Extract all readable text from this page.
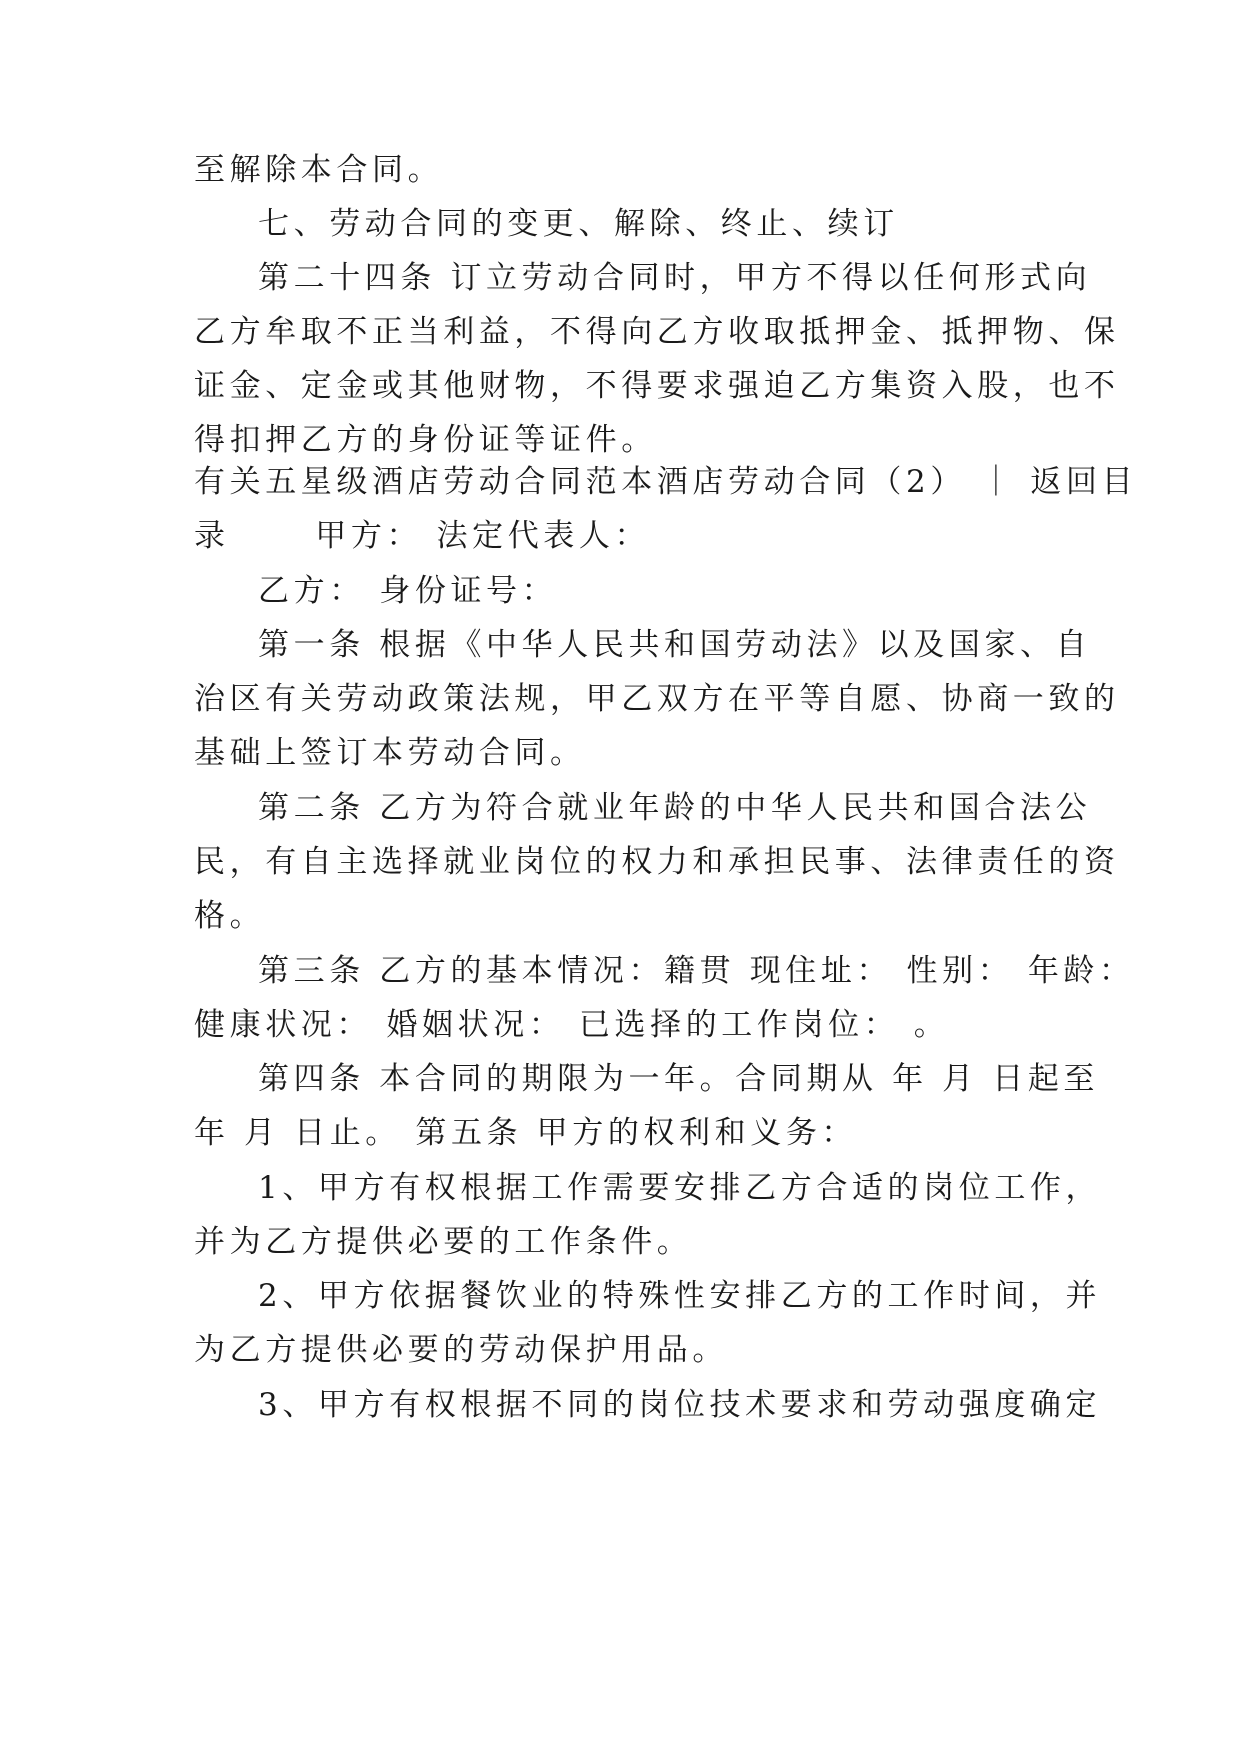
至解除本合同。
七、劳动合同的变更、解除、终止、续订
第二十四条 订立劳动合同时，甲方不得以任何形式向
乙方牟取不正当利益，不得向乙方收取抵押金、抵押物、保
证金、定金或其他财物，不得要求强迫乙方集资入股，也不
得扣押乙方的身份证等证件。
有关五星级酒店劳动合同范本酒店劳动合同（2） ｜ 返回目
录　　 甲方： 法定代表人：
乙方： 身份证号：
第一条 根据《中华人民共和国劳动法》以及国家、自
治区有关劳动政策法规，甲乙双方在平等自愿、协商一致的
基础上签订本劳动合同。
第二条 乙方为符合就业年龄的中华人民共和国合法公
民，有自主选择就业岗位的权力和承担民事、法律责任的资
格。
第三条 乙方的基本情况：籍贯 现住址： 性别： 年龄：
健康状况： 婚姻状况： 已选择的工作岗位： 。
第四条 本合同的期限为一年。合同期从 年 月 日起至
年 月 日止。 第五条 甲方的权利和义务：
1、甲方有权根据工作需要安排乙方合适的岗位工作，
并为乙方提供必要的工作条件。
2、甲方依据餐饮业的特殊性安排乙方的工作时间，并
为乙方提供必要的劳动保护用品。
3、甲方有权根据不同的岗位技术要求和劳动强度确定
